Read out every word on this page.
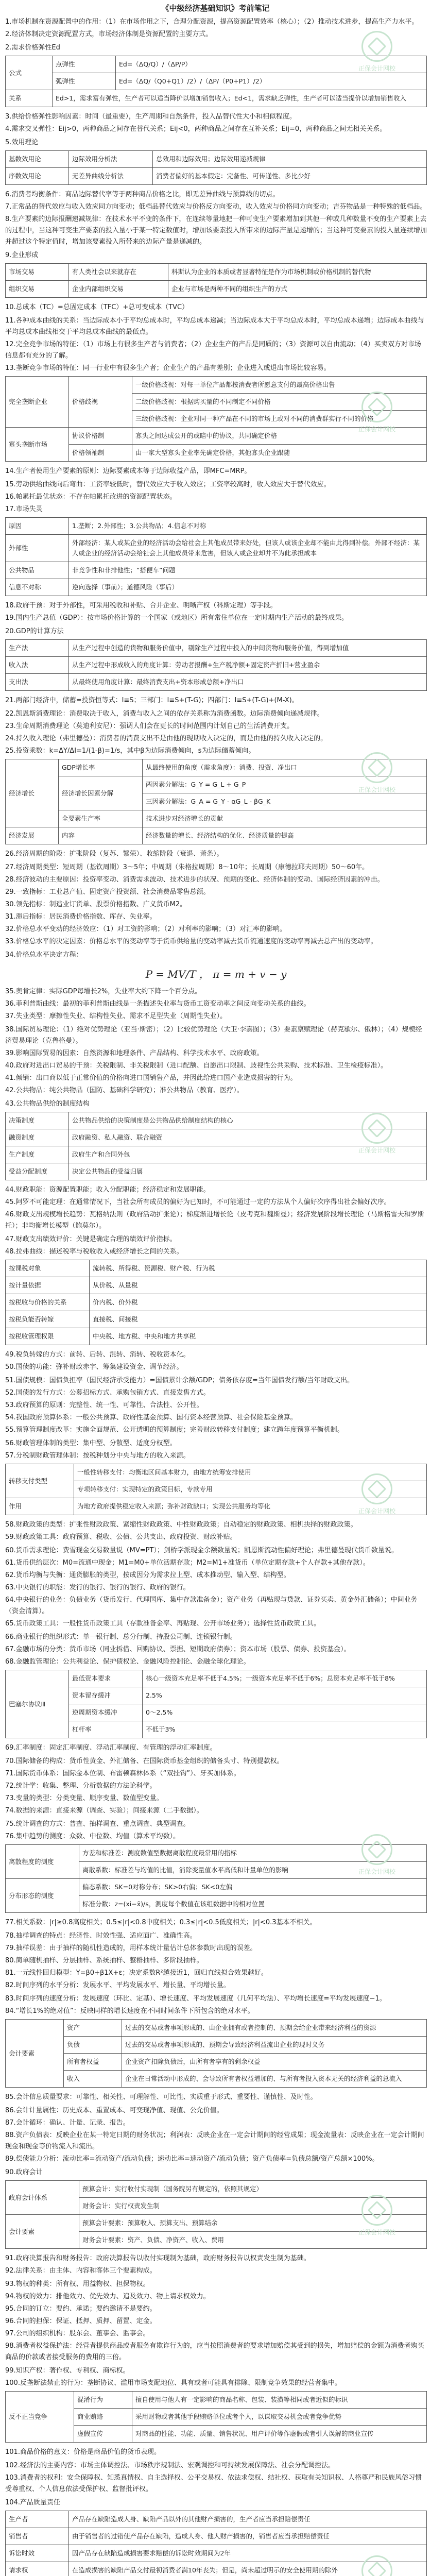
《中级经济基础知识》考前笔记
1.市场机制在资源配置中的作用：（1）在市场作用之下，合理分配资源，提高资源配置效率（核心）；（2）推动技术进步，提高生产力水平。
2.经济体制决定资源配置方式，市场经济体制是资源配置的主要方式。
2.需求价格弹性Ed
公式	点弹性	Ed=（ΔQ/Q）/（ΔP/P）
	弧弹性	Ed=（ΔQ/（Q0+Q1）/2）/（ΔP/（P0+P1）/2）
关系	Ed>1，需求富有弹性，生产者可以适当降价以增加销售收入；Ed<1，需求缺乏弹性，生产者可以适当提价以增加销售收入	
3.供给价格弹性影响因素：时间（最重要），生产周期和自然条件，投入品替代性大小和相似程度。
4.需求交叉弹性：Eij>0，两种商品之间存在替代关系；Eij<0，两种商品之间存在互补关系；Eij=0，两种商品之间无相关关系。
5.效用理论
基数效用论	边际效用分析法	总效用和边际效用；边际效用递减规律
序数效用论	无差异曲线分析法	消费者偏好的基本假定：完备性、可传递性、多比少好
6.消费者均衡条件：商品边际替代率等于两种商品价格之比，即无差异曲线与预算线的切点。
7.正常品的替代效应与收入效应同方向变动；低档品替代效应与价格反方向变动，收入效应与价格同方向变动；吉芬物品是一种特殊的低档品。
8.生产要素的边际报酬递减规律：在技术水平不变的条件下，在连续等量地把一种可变生产要素增加到其他一种或几种数量不变的生产要素上去的过程中，当这种可变生产要素的投入量小于某一特定数值时，增加该要素投入所带来的边际产量是递增的；当这种可变要素的投入量连续增加并超过这个特定值时，增加该要素投入所带来的边际产量是递减的。
9.企业形成
市场交易	有人类社会以来就存在	科斯认为企业的本质或者显著特征是作为市场机制或价格机制的替代物
组织交易	企业内部组织交易	企业与市场是两种不同的组织生产的方式
10.总成本（TC）=总固定成本（TFC）+总可变成本（TVC）
11.各种成本曲线的关系：当边际成本小于平均总成本时，平均总成本递减；当边际成本大于平均总成本时，平均总成本递增；边际成本曲线与平均总成本曲线相交于平均总成本曲线的最低点。
12.完全竞争市场的特征：（1）市场上有很多生产者与消费者；（2）企业生产的产品是同质的；（3）资源可以自由流动；（4）买卖双方对市场信息都有充分的了解。
13.垄断竞争市场的特征：同一行业中有很多生产者；企业生产的产品有差别；企业进入或退出市场比较容易。
完全垄断企业	价格歧视	一级价格歧视：对每一单位产品都按消费者所愿意支付的最高价格出售
		二级价格歧视：根据购买量的不同制定不同价格
		三级价格歧视：企业对同一种产品在不同的市场上或对不同的消费群实行不同的价格
寡头垄断市场	协议价格制	寡头之间达成公开的或暗中的协议，共同确定价格
	价格领袖制	由一家大型寡头企业率先确定价格，其他寡头企业跟随
14.生产者使用生产要素的原则：边际要素成本等于边际收益产品，即MFC=MRP。
15.劳动供给曲线向后弯曲：工资率较低时，替代效应大于收入效应；工资率较高时，收入效应大于替代效应。
16.帕累托最优状态：不存在帕累托改进的资源配置状态。
17.市场失灵
原因	1.垄断；2.外部性；3.公共物品；4.信息不对称
外部性	外部经济：某人或某企业的经济活动会给社会上其他成员带来好处，但该人或该企业却不能由此得到补偿。外部不经济：某人或企业的经济活动会给社会上其他成员带来危害，但该人或企业却并不为此承担成本
公共物品	非竞争性和非排他性；“搭便车”问题
信息不对称	逆向选择（事前）；道德风险（事后）
18.政府干预：对于外部性，可采用税收和补贴、合并企业、明晰产权（科斯定理）等手段。
19.国内生产总值（GDP）：按市场价格计算的一个国家（或地区）所有常住单位在一定时期内生产活动的最终成果。
20.GDP的计算方法
生产法	从生产过程中创造的货物和服务价值中，剔除生产过程中投入的中间货物和服务价值，得到增加值
收入法	从生产过程中形成收入的角度计算：劳动者报酬+生产税净额+固定资产折旧+营业盈余
支出法	从最终使用角度计算：最终消费支出+资本形成总额+净出口
21.两部门经济中，储蓄=投资恒等式：I≡S；三部门：I≡S+(T-G)；四部门：I≡S+(T-G)+(M-X)。
22.凯恩斯消费理论：消费取决于收入，消费与收入之间的依存关系称为消费函数。边际消费倾向递减规律。
23.生命周期消费理论（莫迪利安尼）：强调人们会在更长的时间范围内计划自己的生活消费开支。
24.持久收入理论（弗里德曼）：消费者的消费支出不是由他的现期收入决定的，而是由他的持久收入决定的。
25.投资乘数：k=ΔY/ΔI=1/(1-β)=1/s，其中β为边际消费倾向，s为边际储蓄倾向。
经济增长	GDP增长率	从最终使用的角度（需求角度）：消费、投资、净出口
	经济增长因素分解	两因素分解法：G_Y = G_L + G_P
		三因素分解法：G_A = G_Y - αG_L - βG_K
	全要素生产率	技术进步对经济增长的贡献
经济发展	内容	经济数量的增长、经济结构的优化、经济质量的提高
26.经济周期的阶段：扩张阶段（复苏、繁荣）、收缩阶段（衰退、萧条）。
27.经济周期类型：短周期（基钦周期）3～5年；中周期（朱格拉周期）8～10年；长周期（康德拉耶夫周期）50～60年。
28.经济波动的主要原因：投资率变动、消费需求波动、技术进步的状况、预期的变化、经济体制的变动、国际经济因素的冲击。
29.一致指标：工业总产值、固定资产投资额、社会消费品零售总额。
30.领先指标：制造业订货单、股票价格指数、广义货币M2。
31.滞后指标：居民消费价格指数、库存、失业率。
32.价格总水平变动的经济效应：（1）对工资的影响；（2）对利率的影响；（3）对汇率的影响。
33.价格总水平的决定因素：价格总水平的变动率等于货币供给量的变动率减去货币流通速度的变动率再减去总产出的变动率。
34.价格总水平决定方程：
P = MV/T ， π = m + v − y
35.奥肯定律：实际GDP每增长2%，失业率大约下降一个百分点。
36.菲利普斯曲线：最初的菲利普斯曲线是一条描述失业率与货币工资变动率之间反向变动关系的曲线。
37.失业类型：摩擦性失业、结构性失业、需求不足型失业（周期性失业）。
38.国际贸易理论：（1）绝对优势理论（亚当·斯密）；（2）比较优势理论（大卫·李嘉图）；（3）要素禀赋理论（赫克歇尔、俄林）；（4）规模经济贸易理论（克鲁格曼）。
39.影响国际贸易的因素：自然资源和地理条件、产品结构、科学技术水平、政府政策。
40.政府对进出口贸易的干预：关税限制、非关税限制（进口配额、自愿出口限制、歧视性公共采购、技术标准、卫生检疫标准）。
41.倾销：出口商以低于正常价值的价格向进口国销售产品，并因此给进口国产业造成损害的行为。
42.公共物品：纯公共物品（国防、基础科学研究）；准公共物品（教育、医疗）。
43.公共物品供给的制度结构
决策制度	公共物品供给的决策制度是公共物品供给制度结构的核心
融资制度	政府融资、私人融资、联合融资
生产制度	政府生产和合同外包
受益分配制度	决定公共物品的受益归属
44.财政职能：资源配置职能；收入分配职能；经济稳定和发展职能。
45.阿罗不可能定理：在通常情况下，当社会所有成员的偏好为已知时，不可能通过一定的方法从个人偏好次序得出社会偏好次序。
46.财政支出规模增长趋势：瓦格纳法则（政府活动扩张论）；梯度渐进增长论（皮考克和魏斯曼）；经济发展阶段增长理论（马斯格雷夫和罗斯托）；非均衡增长模型（鲍莫尔）。
47.财政支出绩效评价：关键是确定合理的绩效评价指标。
48.拉弗曲线：描述税率与税收收入或经济增长之间的关系。
按课税对象	流转税、所得税、资源税、财产税、行为税
按计量依据	从价税、从量税
按税收与价格的关系	价内税、价外税
按税负能否转嫁	直接税、间接税
按税收管理权限	中央税、地方税、中央和地方共享税
49.税负转嫁的方式：前转、后转、混转、消转、税收资本化。
50.国债的功能：弥补财政赤字、筹集建设资金、调节经济。
51.国债规模：国债负担率（国民经济承受能力）=国债累计余额/GDP；债务依存度=当年国债发行额/当年财政支出。
52.国债的发行方式：公募招标方式、承购包销方式、直接发售方式。
53.政府预算的原则：完整性、统一性、可靠性、合法性、公开性。
54.我国政府预算体系：一般公共预算、政府性基金预算、国有资本经营预算、社会保险基金预算。
55.预算管理制度改革：实施全面规范、公开透明的预算制度；完善财政转移支付制度；建立跨年度预算平衡机制。
56.财政管理体制的类型：集中型、分散型、适度分权型。
57.分税制财政管理体制：按税种划分中央与地方的收入来源。
转移支付类型	一般性转移支付：均衡地区间基本财力，由地方统筹安排使用
	专项转移支付：实现特定的政策目标，专款专用
作用	为地方政府提供稳定收入来源；弥补财政缺口；实现公共服务均等化
58.财政政策的类型：扩张性财政政策、紧缩性财政政策、中性财政政策；自动稳定的财政政策、相机抉择的财政政策。
59.财政政策工具：政府预算、税收、公债、公共支出、政府投资、财政补贴。
60.货币需求理论：费雪现金交易数量说（MV=PT）；剑桥学派现金余额数量说；凯恩斯流动性偏好理论；弗里德曼现代货币数量说。
61.货币供给层次：M0=流通中现金；M1=M0+单位活期存款；M2=M1+准货币（单位定期存款+个人存款+其他存款）。
62.货币均衡与失衡：通货膨胀的类型，按成因分为需求拉上型、成本推动型、输入型、结构型。
63.中央银行的职能：发行的银行、银行的银行、政府的银行。
64.中央银行的业务：负债业务（货币发行、代理国库、集中存款准备金）；资产业务（再贴现与贷款、证券买卖、黄金外汇储备）；中间业务（资金清算）。
65.货币政策工具：一般性货币政策工具（存款准备金率、再贴现、公开市场业务）；选择性货币政策工具。
66.商业银行的组织形式：单一银行制、总分行制、持股公司制、连锁银行制。
67.金融市场的分类：货币市场（同业拆借、回购协议、票据、短期政府债券）；资本市场（股票、债券、投资基金）。
68.金融监管理论：公共利益论、保护债权论、金融风险控制论、金融全球化理论。
巴塞尔协议Ⅲ	最低资本要求	核心一级资本充足率不低于4.5%；一级资本充足率不低于6%；总资本充足率不低于8%
	资本留存缓冲	2.5%
	逆周期资本缓冲	0～2.5%
	杠杆率	不低于3%
69.汇率制度：固定汇率制度、浮动汇率制度、有管理的浮动汇率制度。
70.国际储备的构成：货币性黄金、外汇储备、在国际货币基金组织的储备头寸、特别提款权。
71.国际货币体系：国际金本位制、布雷顿森林体系（“双挂钩”）、牙买加体系。
72.统计学：收集、整理、分析数据的方法论科学。
73.变量的类型：分类变量、顺序变量、数值型变量。
74.数据的来源：直接来源（调查、实验）；间接来源（二手数据）。
75.统计调查的方式：普查、抽样调查、重点调查、典型调查。
76.集中趋势的测度：众数、中位数、均值（算术平均数）。
离散程度的测度	方差和标准差：测度数值型数据离散程度最常用的指标
	离散系数：标准差与均值的比值，消除变量值水平高低和计量单位的影响
分布形态的测度	偏态系数：SK=0对称分布；SK>0右偏；SK<0左偏
	标准分数：z=(xi−x̄)/s，测度每个数值在该组数据中的相对位置
77.相关系数：|r|≥0.8高度相关；0.5≤|r|<0.8中度相关；0.3≤|r|<0.5低度相关；|r|<0.3基本不相关。
78.抽样调查的特点：经济性、时效性强、适应面广、准确性高。
79.抽样误差：由于抽样的随机性造成的，用样本统计量估计总体参数时出现的误差。
80.简单随机抽样、分层抽样、系统抽样、整群抽样、多阶段抽样。
81.一元线性回归模型：Y=β0+β1X+ε；决定系数R²越接近1，回归直线拟合效果越好。
82.时间序列的水平分析：发展水平、平均发展水平、增长量、平均增长量。
83.时间序列的速度分析：发展速度（环比、定基）、增长速度、平均发展速度（几何平均法）、平均增长速度=平均发展速度−1。
84.“增长1%的绝对值”：反映同样的增长速度在不同时间条件下所包含的绝对水平。
会计要素	资产	过去的交易或者事项形成的、由企业拥有或者控制的、预期会给企业带来经济利益的资源
	负债	过去的交易或者事项形成的、预期会导致经济利益流出企业的现时义务
	所有者权益	企业资产扣除负债后，由所有者享有的剩余权益
	收入	企业在日常活动中形成的、会导致所有者权益增加的、与所有者投入资本无关的经济利益的总流入
85.会计信息质量要求：可靠性、相关性、可理解性、可比性、实质重于形式、重要性、谨慎性、及时性。
86.会计计量属性：历史成本、重置成本、可变现净值、现值、公允价值。
87.会计循环：确认、计量、记录、报告。
88.资产负债表：反映企业在某一特定日期的财务状况；利润表：反映企业在一定会计期间的经营成果；现金流量表：反映企业在一定会计期间现金和现金等价物流入和流出。
89.偿债能力分析：流动比率=流动资产/流动负债；速动比率=速动资产/流动负债；资产负债率=负债总额/资产总额×100%。
90.政府会计
政府会计体系	预算会计：实行收付实现制（国务院另有规定的，依照其规定）
	财务会计：实行权责发生制
会计要素	预算会计要素：预算收入、预算支出、预算结余
	财务会计要素：资产、负债、净资产、收入、费用
91.政府决算报告和财务报告：政府决算报告以收付实现制为基础，政府财务报告以权责发生制为基础。
92.法律关系：由主体、内容和客体三个要素构成。
93.物权的种类：所有权、用益物权、担保物权。
94.物权的效力：排他效力、优先效力、追及效力、物上请求权效力。
95.合同的订立：要约、承诺；要约邀请不是要约。
96.合同的担保：保证、抵押、质押、留置、定金。
97.公司的组织机构：股东会、董事会、监事会。
98.消费者权益保护法：经营者提供商品或者服务有欺诈行为的，应当按照消费者的要求增加赔偿其受到的损失，增加赔偿的金额为消费者购买商品的价款或者接受服务的费用的三倍。
99.知识产权：著作权、专利权、商标权。
100.反垄断法禁止的行为：垄断协议、滥用市场支配地位、具有或者可能具有排除、限制竞争效果的经营者集中。
反不正当竞争	混淆行为	擅自使用与他人有一定影响的商品名称、包装、装潢等相同或者近似的标识
	商业贿赂	采用财物或者其他手段贿赂单位或者个人，以谋取交易机会或者竞争优势
	虚假宣传	对商品的性能、功能、质量、销售状况、用户评价等作虚假或者引人误解的商业宣传
101.商品价格的意义：价格是商品价值的货币表现。
102.经济法的主要内容：市场主体调控法、市场秩序规制法、宏观调控和可持续发展保障法、社会分配调控法。
103.消费者的权利：安全保障权、知悉真情权、自主选择权、公平交易权、依法求偿权、结社权、获取有关知识权、人格尊严和民族风俗习惯受尊重权、个人信息依法受保护权、监督批评权。
104.产品质量责任
生产者	产品存在缺陷造成人身、缺陷产品以外的其他财产损害的，生产者应当承担赔偿责任
销售者	由于销售者的过错使产品存在缺陷，造成人身、他人财产损害的，销售者应当承担赔偿责任
诉讼时效	因产品存在缺陷造成损害要求赔偿的诉讼时效期间为2年
请求权	在造成损害的缺陷产品交付最初消费者满10年丧失；但是，尚未超过明示的安全使用期的除外
正保会计网校
正保会计网校
正保会计网校
正保会计网校
正保会计网校
正保会计网校
正保会计网校
